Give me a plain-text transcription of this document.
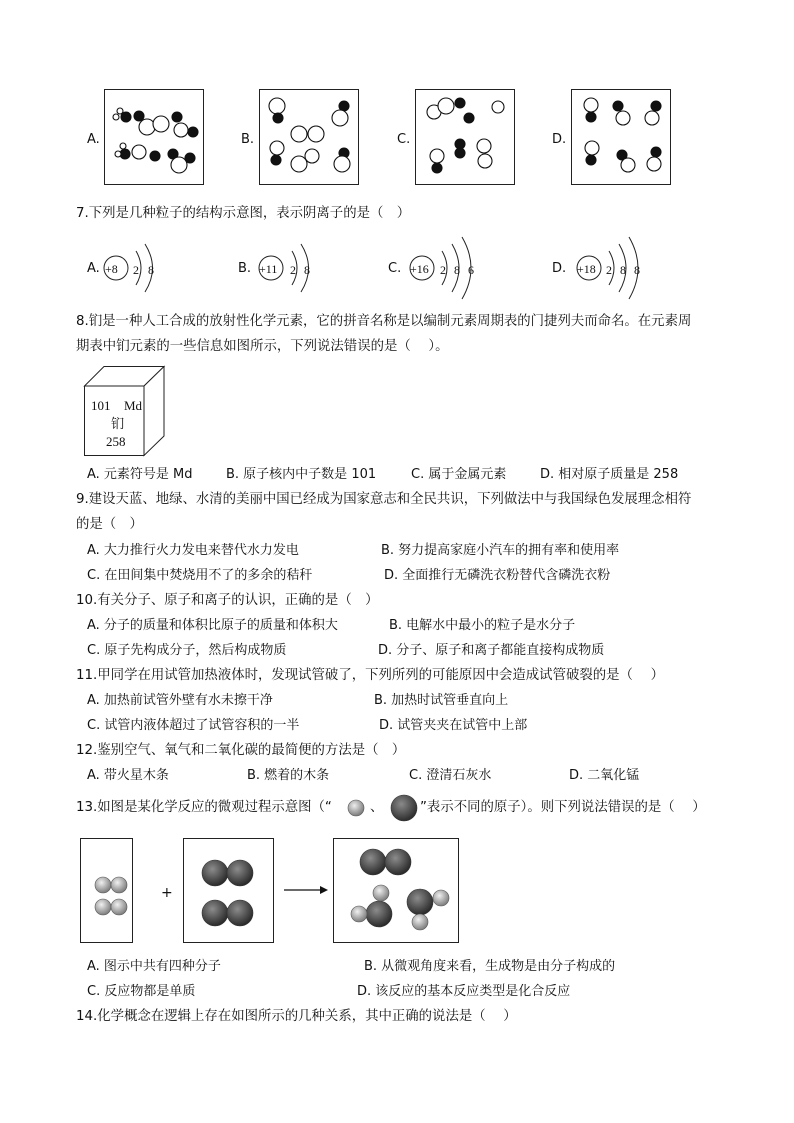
A.	B.	C.	D.
7.下列是几种粒子的结构示意图，表示阴离子的是（　）
A. +8 2 8	B. +11 2 8	C. +16 2 8 6	D. +18 2 8 8
8.钔是一种人工合成的放射性化学元素，它的拼音名称是以编制元素周期表的门捷列夫而命名。在元素周
期表中钔元素的一些信息如图所示，下列说法错误的是（　 ）。
101 Md
钔
258
A. 元素符号是 Md	B. 原子核内中子数是 101	C. 属于金属元素	D. 相对原子质量是 258
9.建设天蓝、地绿、水清的美丽中国已经成为国家意志和全民共识，下列做法中与我国绿色发展理念相符
的是（　）
A. 大力推行火力发电来替代水力发电	B. 努力提高家庭小汽车的拥有率和使用率
C. 在田间集中焚烧用不了的多余的秸秆	D. 全面推行无磷洗衣粉替代含磷洗衣粉
10.有关分子、原子和离子的认识，正确的是（　）
A. 分子的质量和体积比原子的质量和体积大	B. 电解水中最小的粒子是水分子
C. 原子先构成分子，然后构成物质	D. 分子、原子和离子都能直接构成物质
11.甲同学在用试管加热液体时，发现试管破了，下列所列的可能原因中会造成试管破裂的是（　 ）
A. 加热前试管外壁有水未擦干净	B. 加热时试管垂直向上
C. 试管内液体超过了试管容积的一半	D. 试管夹夹在试管中上部
12.鉴别空气、氧气和二氧化碳的最简便的方法是（　）
A. 带火星木条	B. 燃着的木条	C. 澄清石灰水	D. 二氧化锰
13.如图是某化学反应的微观过程示意图（“	、	”表示不同的原子）。则下列说法错误的是（　 ）
+
A. 图示中共有四种分子	B. 从微观角度来看，生成物是由分子构成的
C. 反应物都是单质	D. 该反应的基本反应类型是化合反应
14.化学概念在逻辑上存在如图所示的几种关系，其中正确的说法是（　 ）
